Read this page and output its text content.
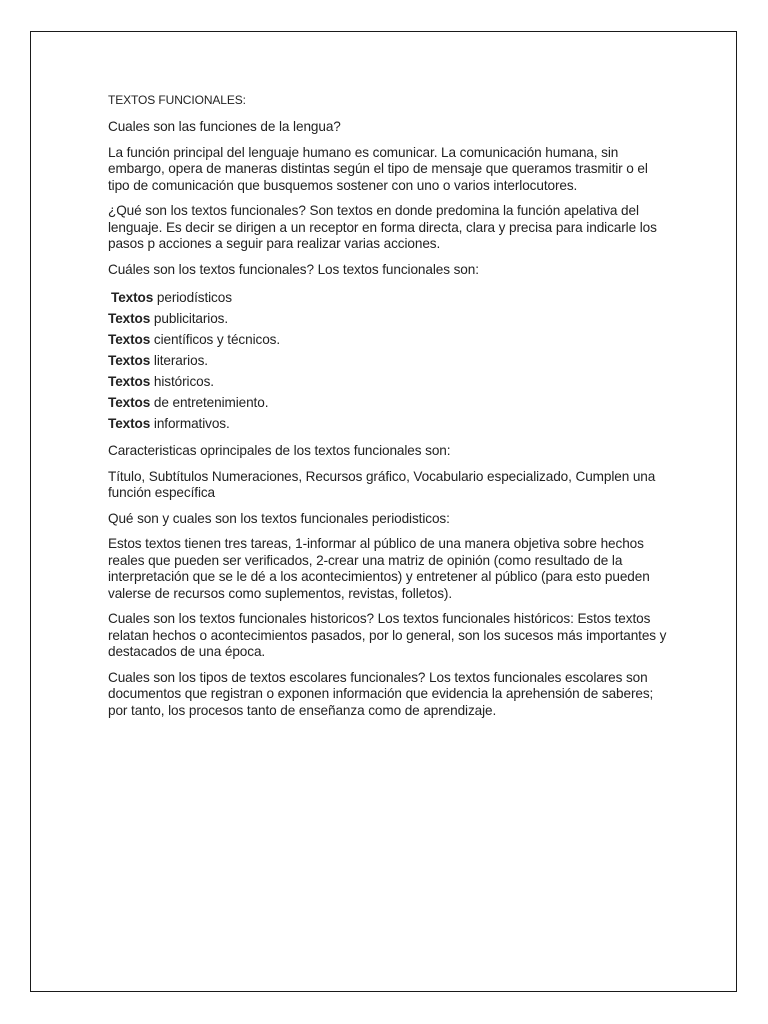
TEXTOS FUNCIONALES:

Cuales son las funciones de la lengua?

La función principal del lenguaje humano es comunicar. La comunicación humana, sin embargo, opera de maneras distintas según el tipo de mensaje que queramos trasmitir o el tipo de comunicación que busquemos sostener con uno o varios interlocutores.

¿Qué son los textos funcionales? Son textos en donde predomina la función apelativa del lenguaje. Es decir se dirigen a un receptor en forma directa, clara y precisa para indicarle los pasos p acciones a seguir para realizar varias acciones.

Cuáles son los textos funcionales? Los textos funcionales son:

Textos periodísticos
Textos publicitarios.
Textos científicos y técnicos.
Textos literarios.
Textos históricos.
Textos de entretenimiento.
Textos informativos.

Caracteristicas oprincipales de los textos funcionales son:

Título, Subtítulos Numeraciones, Recursos gráfico, Vocabulario especializado, Cumplen una función específica

Qué son y cuales son los textos funcionales periodisticos:

Estos textos tienen tres tareas, 1-informar al público de una manera objetiva sobre hechos reales que pueden ser verificados, 2-crear una matriz de opinión (como resultado de la interpretación que se le dé a los acontecimientos) y entretener al público (para esto pueden valerse de recursos como suplementos, revistas, folletos).

Cuales son los textos funcionales historicos? Los textos funcionales históricos: Estos textos relatan hechos o acontecimientos pasados, por lo general, son los sucesos más importantes y destacados de una época.

Cuales son los tipos de textos escolares funcionales? Los textos funcionales escolares son documentos que registran o exponen información que evidencia la aprehensión de saberes; por tanto, los procesos tanto de enseñanza como de aprendizaje.
